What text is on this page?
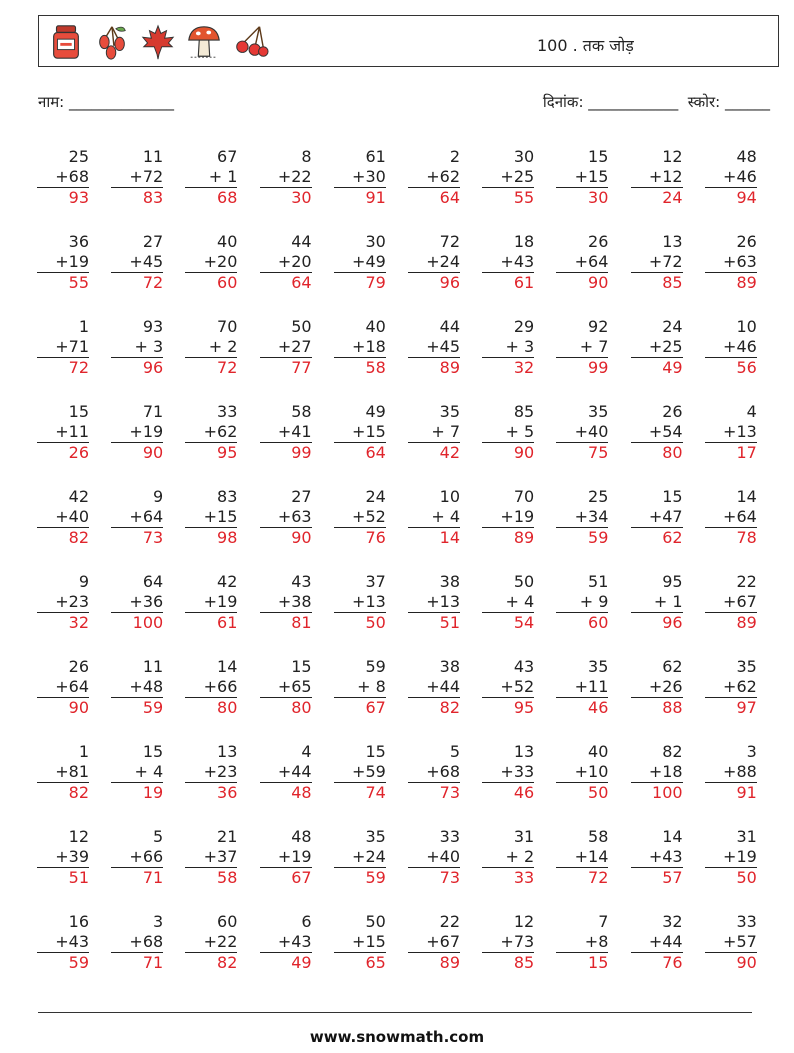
100 . तक जोड़
नाम: ______________	दिनांक: ____________  स्कोर: ______
25
+68
93
11
+72
83
67
+ 1
68
8
+22
30
61
+30
91
2
+62
64
30
+25
55
15
+15
30
12
+12
24
48
+46
94
36
+19
55
27
+45
72
40
+20
60
44
+20
64
30
+49
79
72
+24
96
18
+43
61
26
+64
90
13
+72
85
26
+63
89
1
+71
72
93
+ 3
96
70
+ 2
72
50
+27
77
40
+18
58
44
+45
89
29
+ 3
32
92
+ 7
99
24
+25
49
10
+46
56
15
+11
26
71
+19
90
33
+62
95
58
+41
99
49
+15
64
35
+ 7
42
85
+ 5
90
35
+40
75
26
+54
80
4
+13
17
42
+40
82
9
+64
73
83
+15
98
27
+63
90
24
+52
76
10
+ 4
14
70
+19
89
25
+34
59
15
+47
62
14
+64
78
9
+23
32
64
+36
100
42
+19
61
43
+38
81
37
+13
50
38
+13
51
50
+ 4
54
51
+ 9
60
95
+ 1
96
22
+67
89
26
+64
90
11
+48
59
14
+66
80
15
+65
80
59
+ 8
67
38
+44
82
43
+52
95
35
+11
46
62
+26
88
35
+62
97
1
+81
82
15
+ 4
19
13
+23
36
4
+44
48
15
+59
74
5
+68
73
13
+33
46
40
+10
50
82
+18
100
3
+88
91
12
+39
51
5
+66
71
21
+37
58
48
+19
67
35
+24
59
33
+40
73
31
+ 2
33
58
+14
72
14
+43
57
31
+19
50
16
+43
59
3
+68
71
60
+22
82
6
+43
49
50
+15
65
22
+67
89
12
+73
85
7
+8
15
32
+44
76
33
+57
90
www.snowmath.com
